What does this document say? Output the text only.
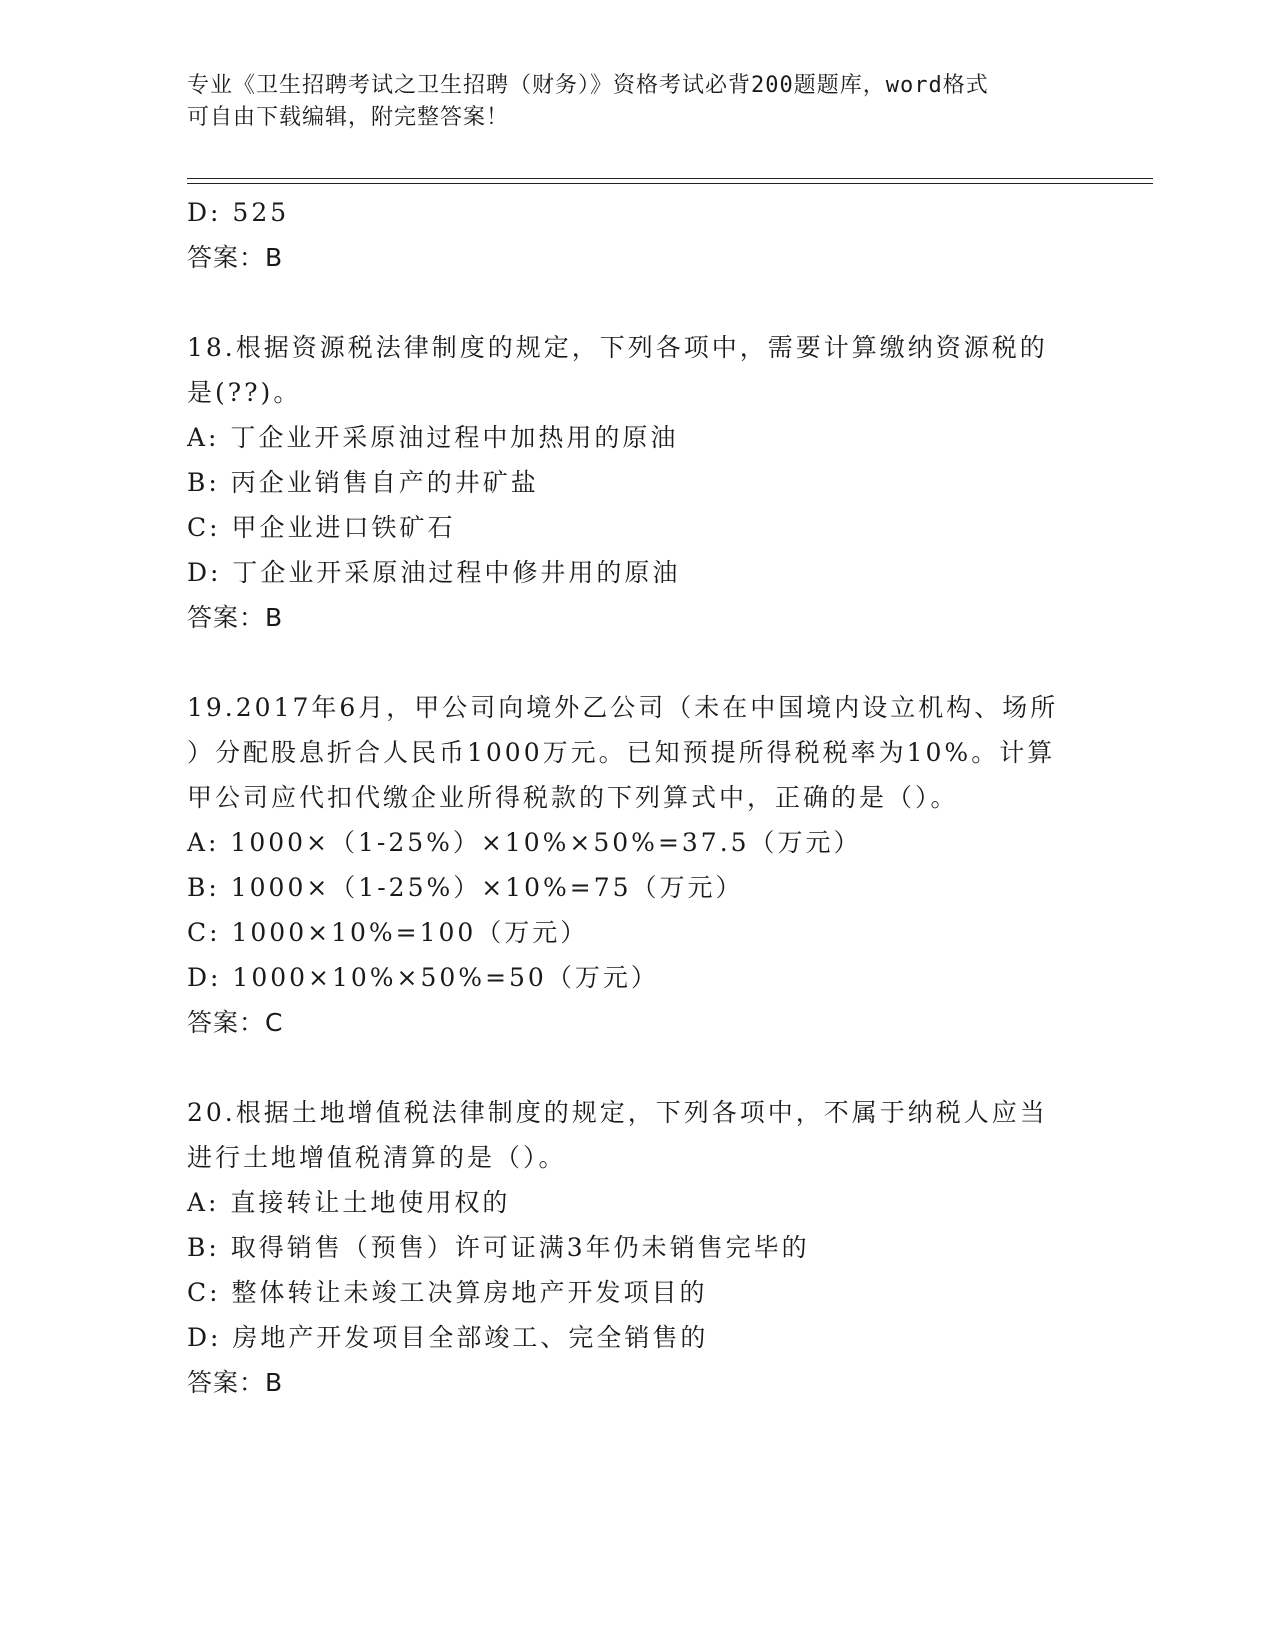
专业《卫生招聘考试之卫生招聘（财务）》资格考试必背200题题库，word格式
可自由下载编辑，附完整答案！
D: 525
答案：B
18.根据资源税法律制度的规定，下列各项中，需要计算缴纳资源税的
是(??)。
A: 丁企业开采原油过程中加热用的原油
B: 丙企业销售自产的井矿盐
C: 甲企业进口铁矿石
D: 丁企业开采原油过程中修井用的原油
答案：B
19.2017年6月，甲公司向境外乙公司（未在中国境内设立机构、场所
）分配股息折合人民币1000万元。已知预提所得税税率为10%。计算
甲公司应代扣代缴企业所得税款的下列算式中，正确的是（）。
A: 1000×（1-25%）×10%×50%=37.5（万元）
B: 1000×（1-25%）×10%=75（万元）
C: 1000×10%=100（万元）
D: 1000×10%×50%=50（万元）
答案：C
20.根据土地增值税法律制度的规定，下列各项中，不属于纳税人应当
进行土地增值税清算的是（）。
A: 直接转让土地使用权的
B: 取得销售（预售）许可证满3年仍未销售完毕的
C: 整体转让未竣工决算房地产开发项目的
D: 房地产开发项目全部竣工、完全销售的
答案：B
